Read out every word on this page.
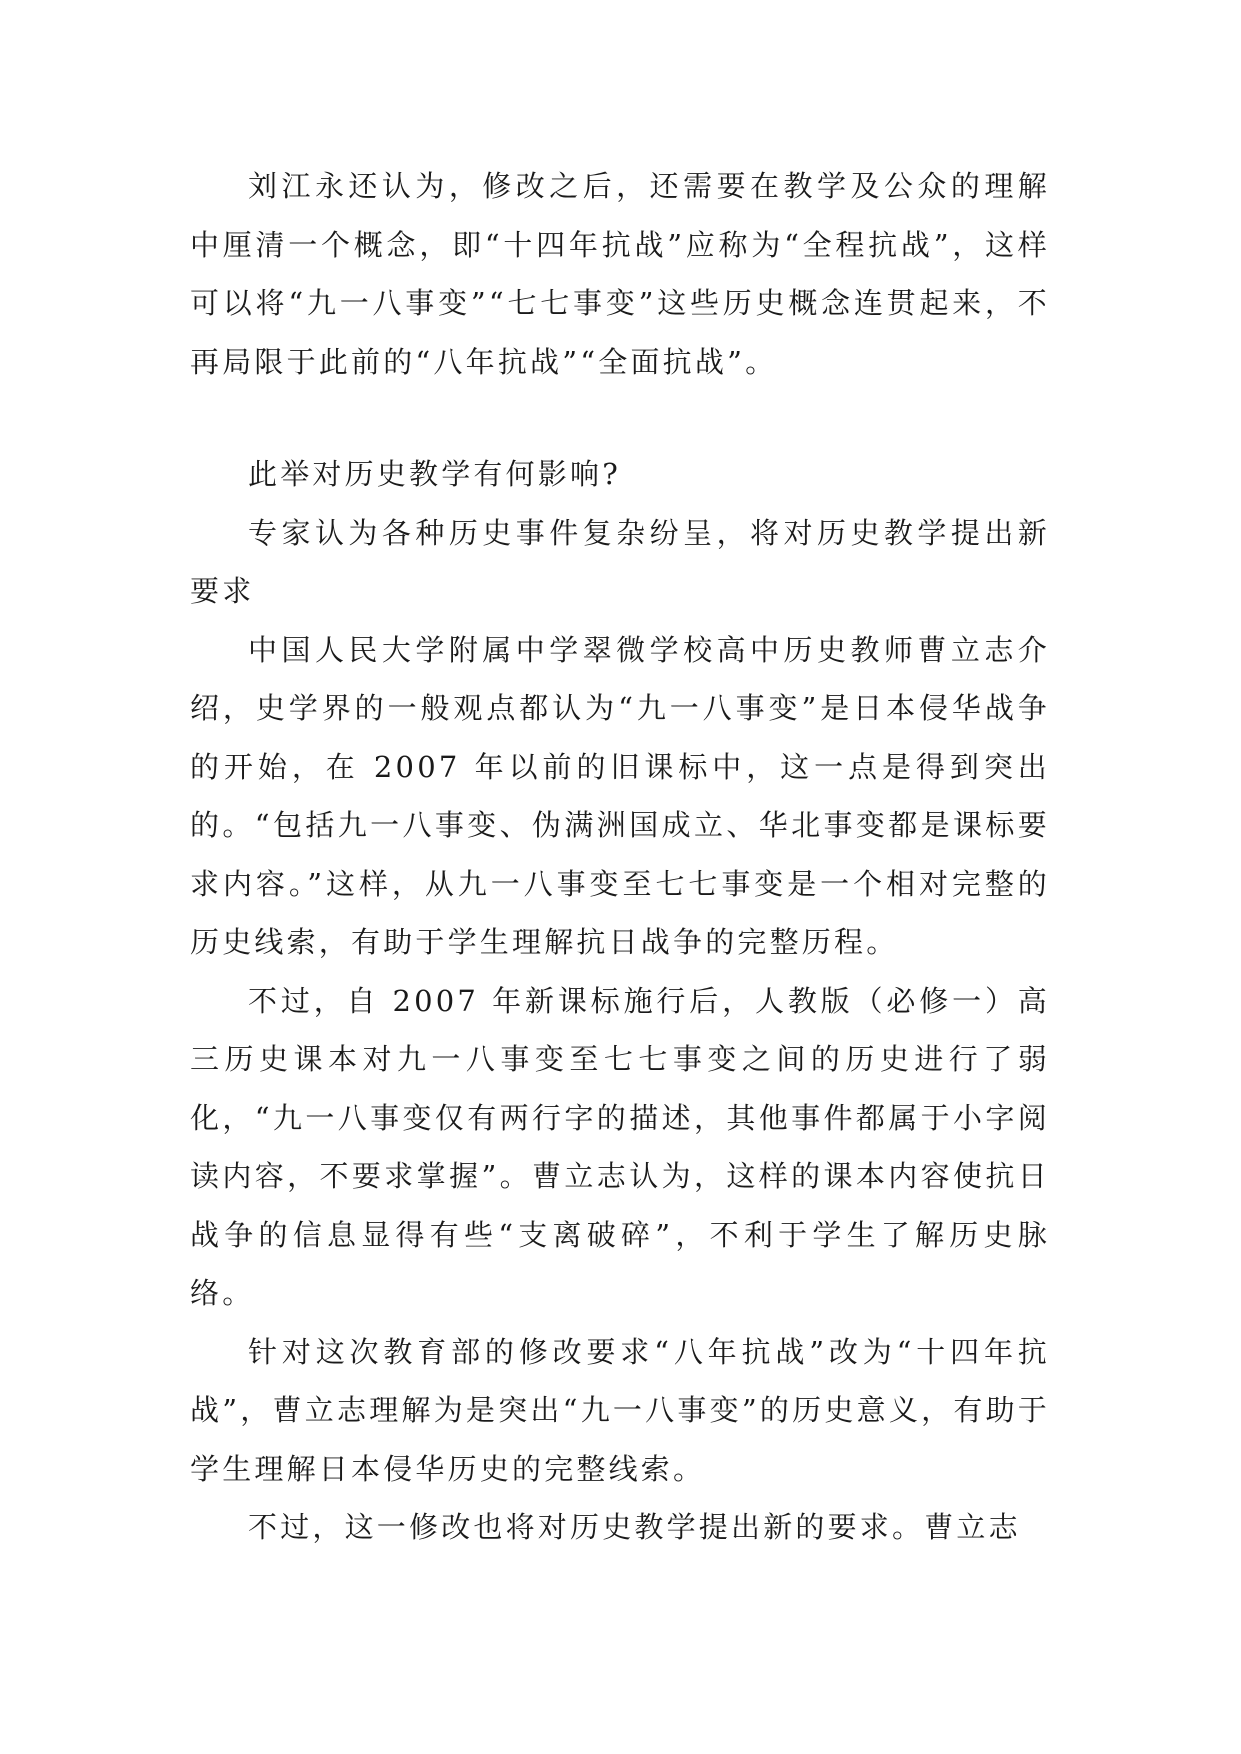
刘江永还认为，修改之后，还需要在教学及公众的理解中厘清一个概念，即“十四年抗战”应称为“全程抗战”，这样可以将“九一八事变”“七七事变”这些历史概念连贯起来，不再局限于此前的“八年抗战”“全面抗战”。

此举对历史教学有何影响?

专家认为各种历史事件复杂纷呈，将对历史教学提出新要求

中国人民大学附属中学翠微学校高中历史教师曹立志介绍，史学界的一般观点都认为“九一八事变”是日本侵华战争的开始，在 2007 年以前的旧课标中，这一点是得到突出的。“包括九一八事变、伪满洲国成立、华北事变都是课标要求内容。”这样，从九一八事变至七七事变是一个相对完整的历史线索，有助于学生理解抗日战争的完整历程。

不过，自 2007 年新课标施行后，人教版（必修一）高三历史课本对九一八事变至七七事变之间的历史进行了弱化，“九一八事变仅有两行字的描述，其他事件都属于小字阅读内容，不要求掌握”。曹立志认为，这样的课本内容使抗日战争的信息显得有些“支离破碎”，不利于学生了解历史脉络。

针对这次教育部的修改要求“八年抗战”改为“十四年抗战”，曹立志理解为是突出“九一八事变”的历史意义，有助于学生理解日本侵华历史的完整线索。

不过，这一修改也将对历史教学提出新的要求。曹立志
